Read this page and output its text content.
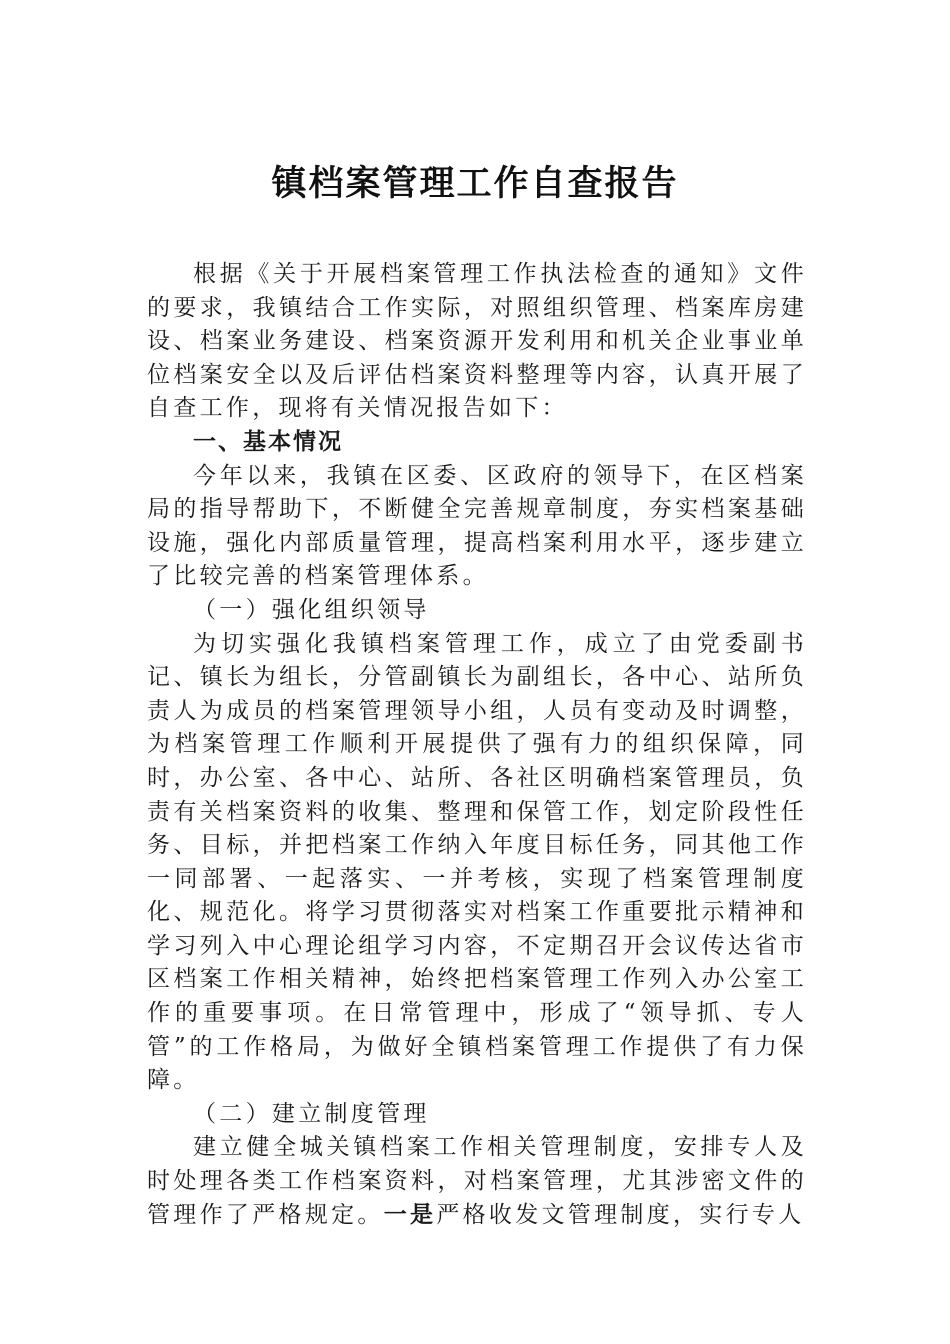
镇档案管理工作自查报告

根据《关于开展档案管理工作执法检查的通知》文件的要求，我镇结合工作实际，对照组织管理、档案库房建设、档案业务建设、档案资源开发利用和机关企业事业单位档案安全以及后评估档案资料整理等内容，认真开展了自查工作，现将有关情况报告如下：

一、基本情况

今年以来，我镇在区委、区政府的领导下，在区档案局的指导帮助下，不断健全完善规章制度，夯实档案基础设施，强化内部质量管理，提高档案利用水平，逐步建立了比较完善的档案管理体系。

（一）强化组织领导

为切实强化我镇档案管理工作，成立了由党委副书记、镇长为组长，分管副镇长为副组长，各中心、站所负责人为成员的档案管理领导小组，人员有变动及时调整，为档案管理工作顺利开展提供了强有力的组织保障，同时，办公室、各中心、站所、各社区明确档案管理员，负责有关档案资料的收集、整理和保管工作，划定阶段性任务、目标，并把档案工作纳入年度目标任务，同其他工作一同部署、一起落实、一并考核，实现了档案管理制度化、规范化。将学习贯彻落实对档案工作重要批示精神和学习列入中心理论组学习内容，不定期召开会议传达省市区档案工作相关精神，始终把档案管理工作列入办公室工作的重要事项。在日常管理中，形成了“领导抓、专人管”的工作格局，为做好全镇档案管理工作提供了有力保障。

（二）建立制度管理

建立健全城关镇档案工作相关管理制度，安排专人及时处理各类工作档案资料，对档案管理，尤其涉密文件的管理作了严格规定。一是严格收发文管理制度，实行专人
